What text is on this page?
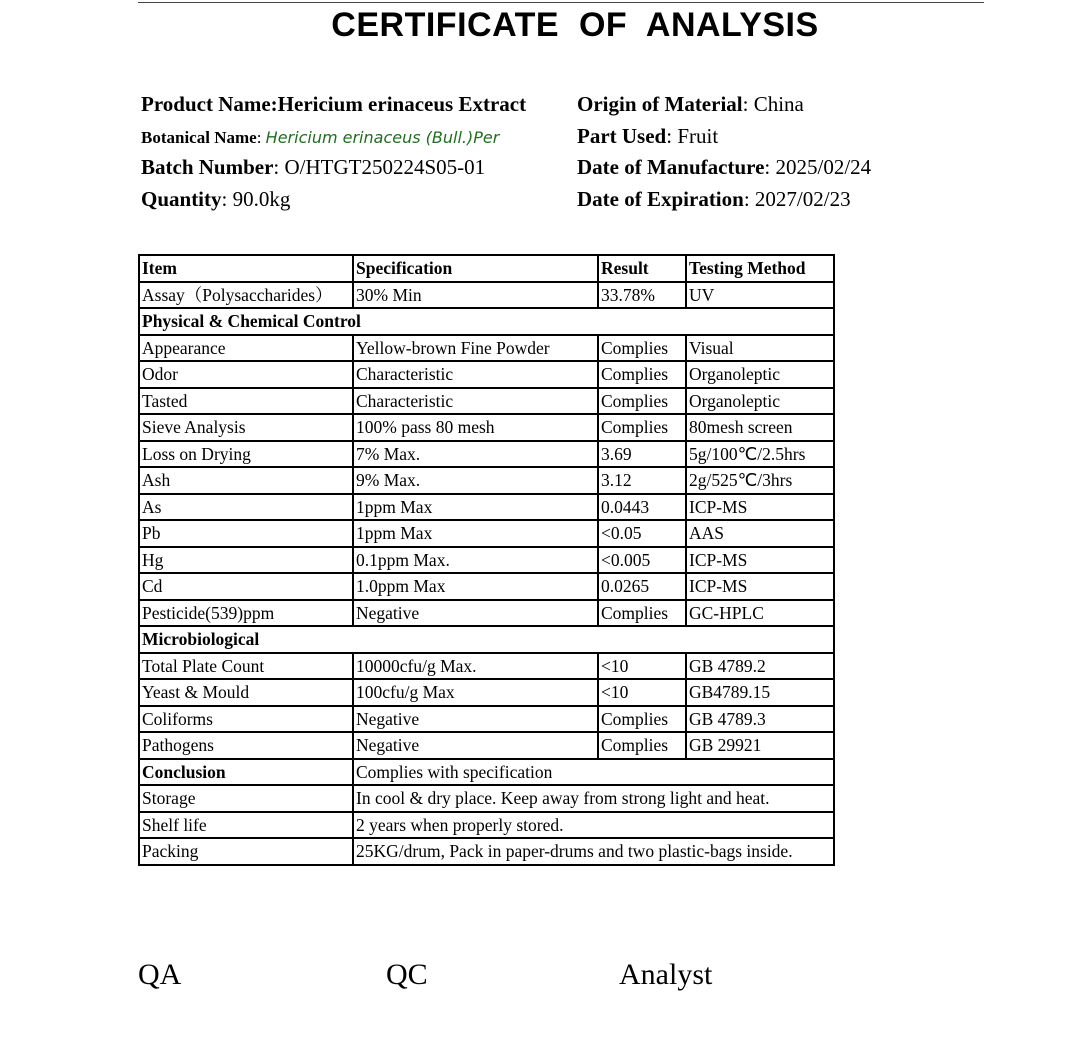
CERTIFICATE OF ANALYSIS
Product Name:Hericium erinaceus Extract
Botanical Name: Hericium erinaceus (Bull.)Per
Batch Number: O/HTGT250224S05-01
Quantity: 90.0kg
Origin of Material: China
Part Used: Fruit
Date of Manufacture: 2025/02/24
Date of Expiration: 2027/02/23
Item	Specification	Result	Testing Method
Assay（Polysaccharides）	30% Min	33.78%	UV
Physical & Chemical Control			
Appearance	Yellow-brown Fine Powder	Complies	Visual
Odor	Characteristic	Complies	Organoleptic
Tasted	Characteristic	Complies	Organoleptic
Sieve Analysis	100% pass 80 mesh	Complies	80mesh screen
Loss on Drying	7% Max.	3.69	5g/100℃/2.5hrs
Ash	9% Max.	3.12	2g/525℃/3hrs
As	1ppm Max	0.0443	ICP-MS
Pb	1ppm Max	<0.05	AAS
Hg	0.1ppm Max.	<0.005	ICP-MS
Cd	1.0ppm Max	0.0265	ICP-MS
Pesticide(539)ppm	Negative	Complies	GC-HPLC
Microbiological			
Total Plate Count	10000cfu/g Max.	<10	GB 4789.2
Yeast & Mould	100cfu/g Max	<10	GB4789.15
Coliforms	Negative	Complies	GB 4789.3
Pathogens	Negative	Complies	GB 29921
Conclusion	Complies with specification		
Storage	In cool & dry place. Keep away from strong light and heat.		
Shelf life	2 years when properly stored.		
Packing	25KG/drum, Pack in paper-drums and two plastic-bags inside.		
QA	QC	Analyst
